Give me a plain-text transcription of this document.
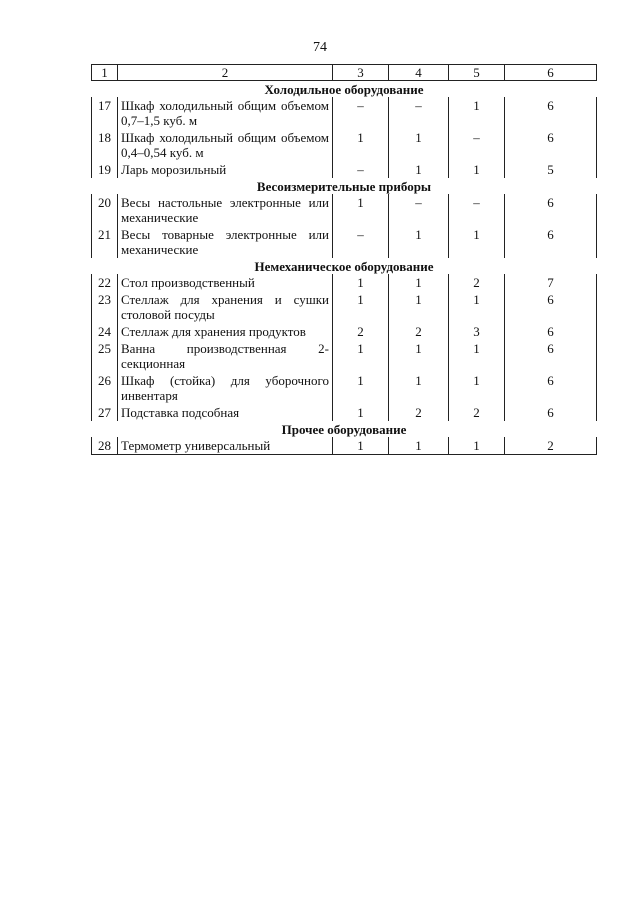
74
1	2	3	4	5	6
Холодильное оборудование					
17	Шкаф холодильный общим объемом 0,7–1,5 куб. м	–	–	1	6
18	Шкаф холодильный общим объемом 0,4–0,54 куб. м	1	1	–	6
19	Ларь морозильный	–	1	1	5
Весоизмерительные приборы					
20	Весы настольные электронные или механические	1	–	–	6
21	Весы товарные электронные или механические	–	1	1	6
Немеханическое оборудование					
22	Стол производственный	1	1	2	7
23	Стеллаж для хранения и сушки столовой посуды	1	1	1	6
24	Стеллаж для хранения продуктов	2	2	3	6
25	Ванна производственная 2-секционная	1	1	1	6
26	Шкаф (стойка) для уборочного инвентаря	1	1	1	6
27	Подставка подсобная	1	2	2	6
Прочее оборудование					
28	Термометр универсальный	1	1	1	2
